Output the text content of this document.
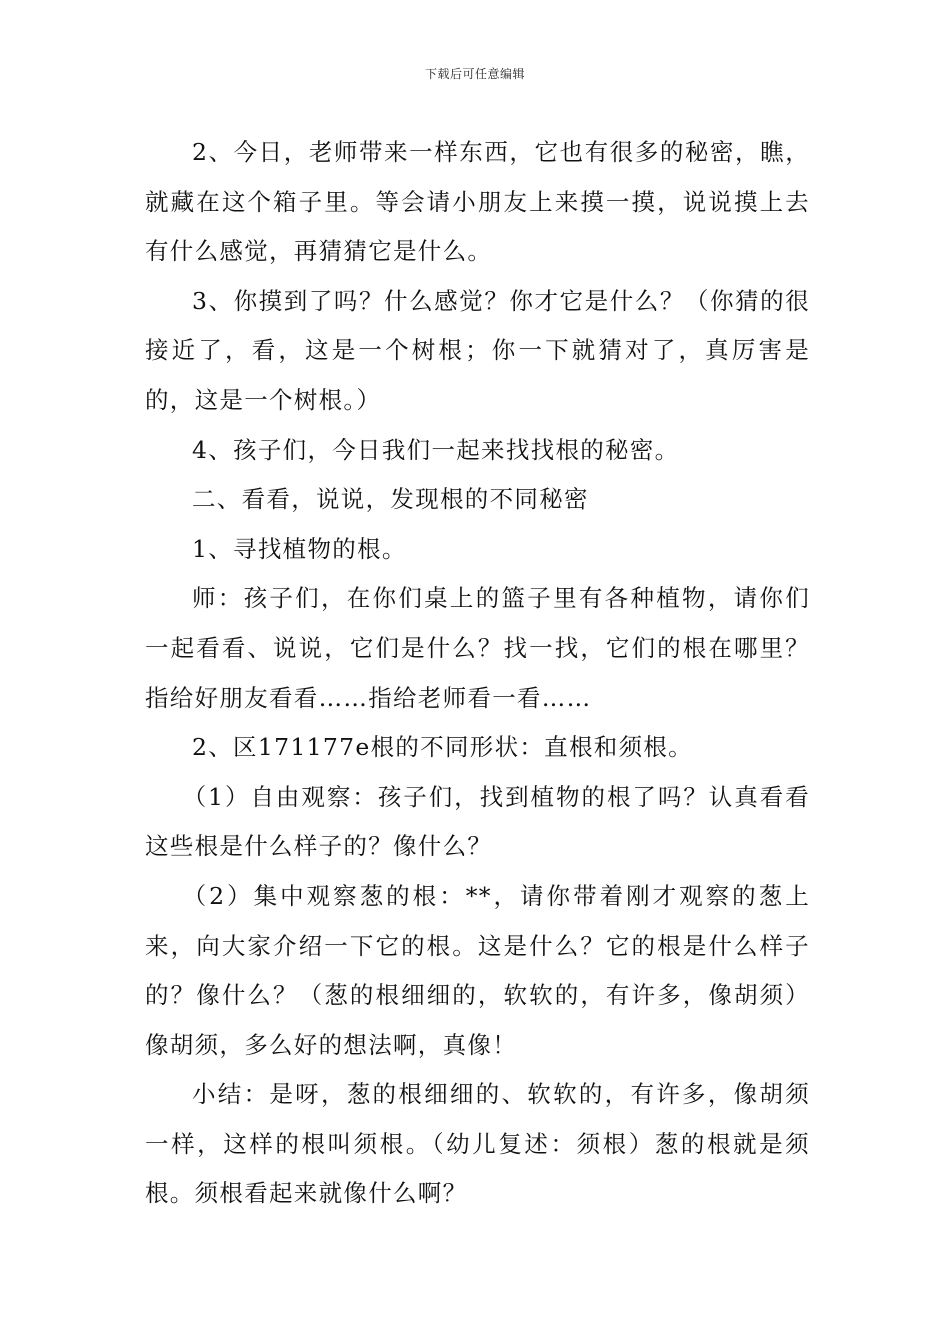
下载后可任意编辑

2、今日，老师带来一样东西，它也有很多的秘密，瞧，就藏在这个箱子里。等会请小朋友上来摸一摸，说说摸上去有什么感觉，再猜猜它是什么。

3、你摸到了吗？什么感觉？你才它是什么？（你猜的很接近了，看，这是一个树根；你一下就猜对了，真厉害是的，这是一个树根。）

4、孩子们，今日我们一起来找找根的秘密。

二、看看，说说，发现根的不同秘密

1、寻找植物的根。

师：孩子们，在你们桌上的篮子里有各种植物，请你们一起看看、说说，它们是什么？找一找，它们的根在哪里？指给好朋友看看……指给老师看一看……

2、区171177e根的不同形状：直根和须根。

（1）自由观察：孩子们，找到植物的根了吗？认真看看这些根是什么样子的？像什么？

（2）集中观察葱的根：**，请你带着刚才观察的葱上来，向大家介绍一下它的根。这是什么？它的根是什么样子的？像什么？（葱的根细细的，软软的，有许多，像胡须）像胡须，多么好的想法啊，真像！

小结：是呀，葱的根细细的、软软的，有许多，像胡须一样，这样的根叫须根。（幼儿复述：须根）葱的根就是须根。须根看起来就像什么啊？
